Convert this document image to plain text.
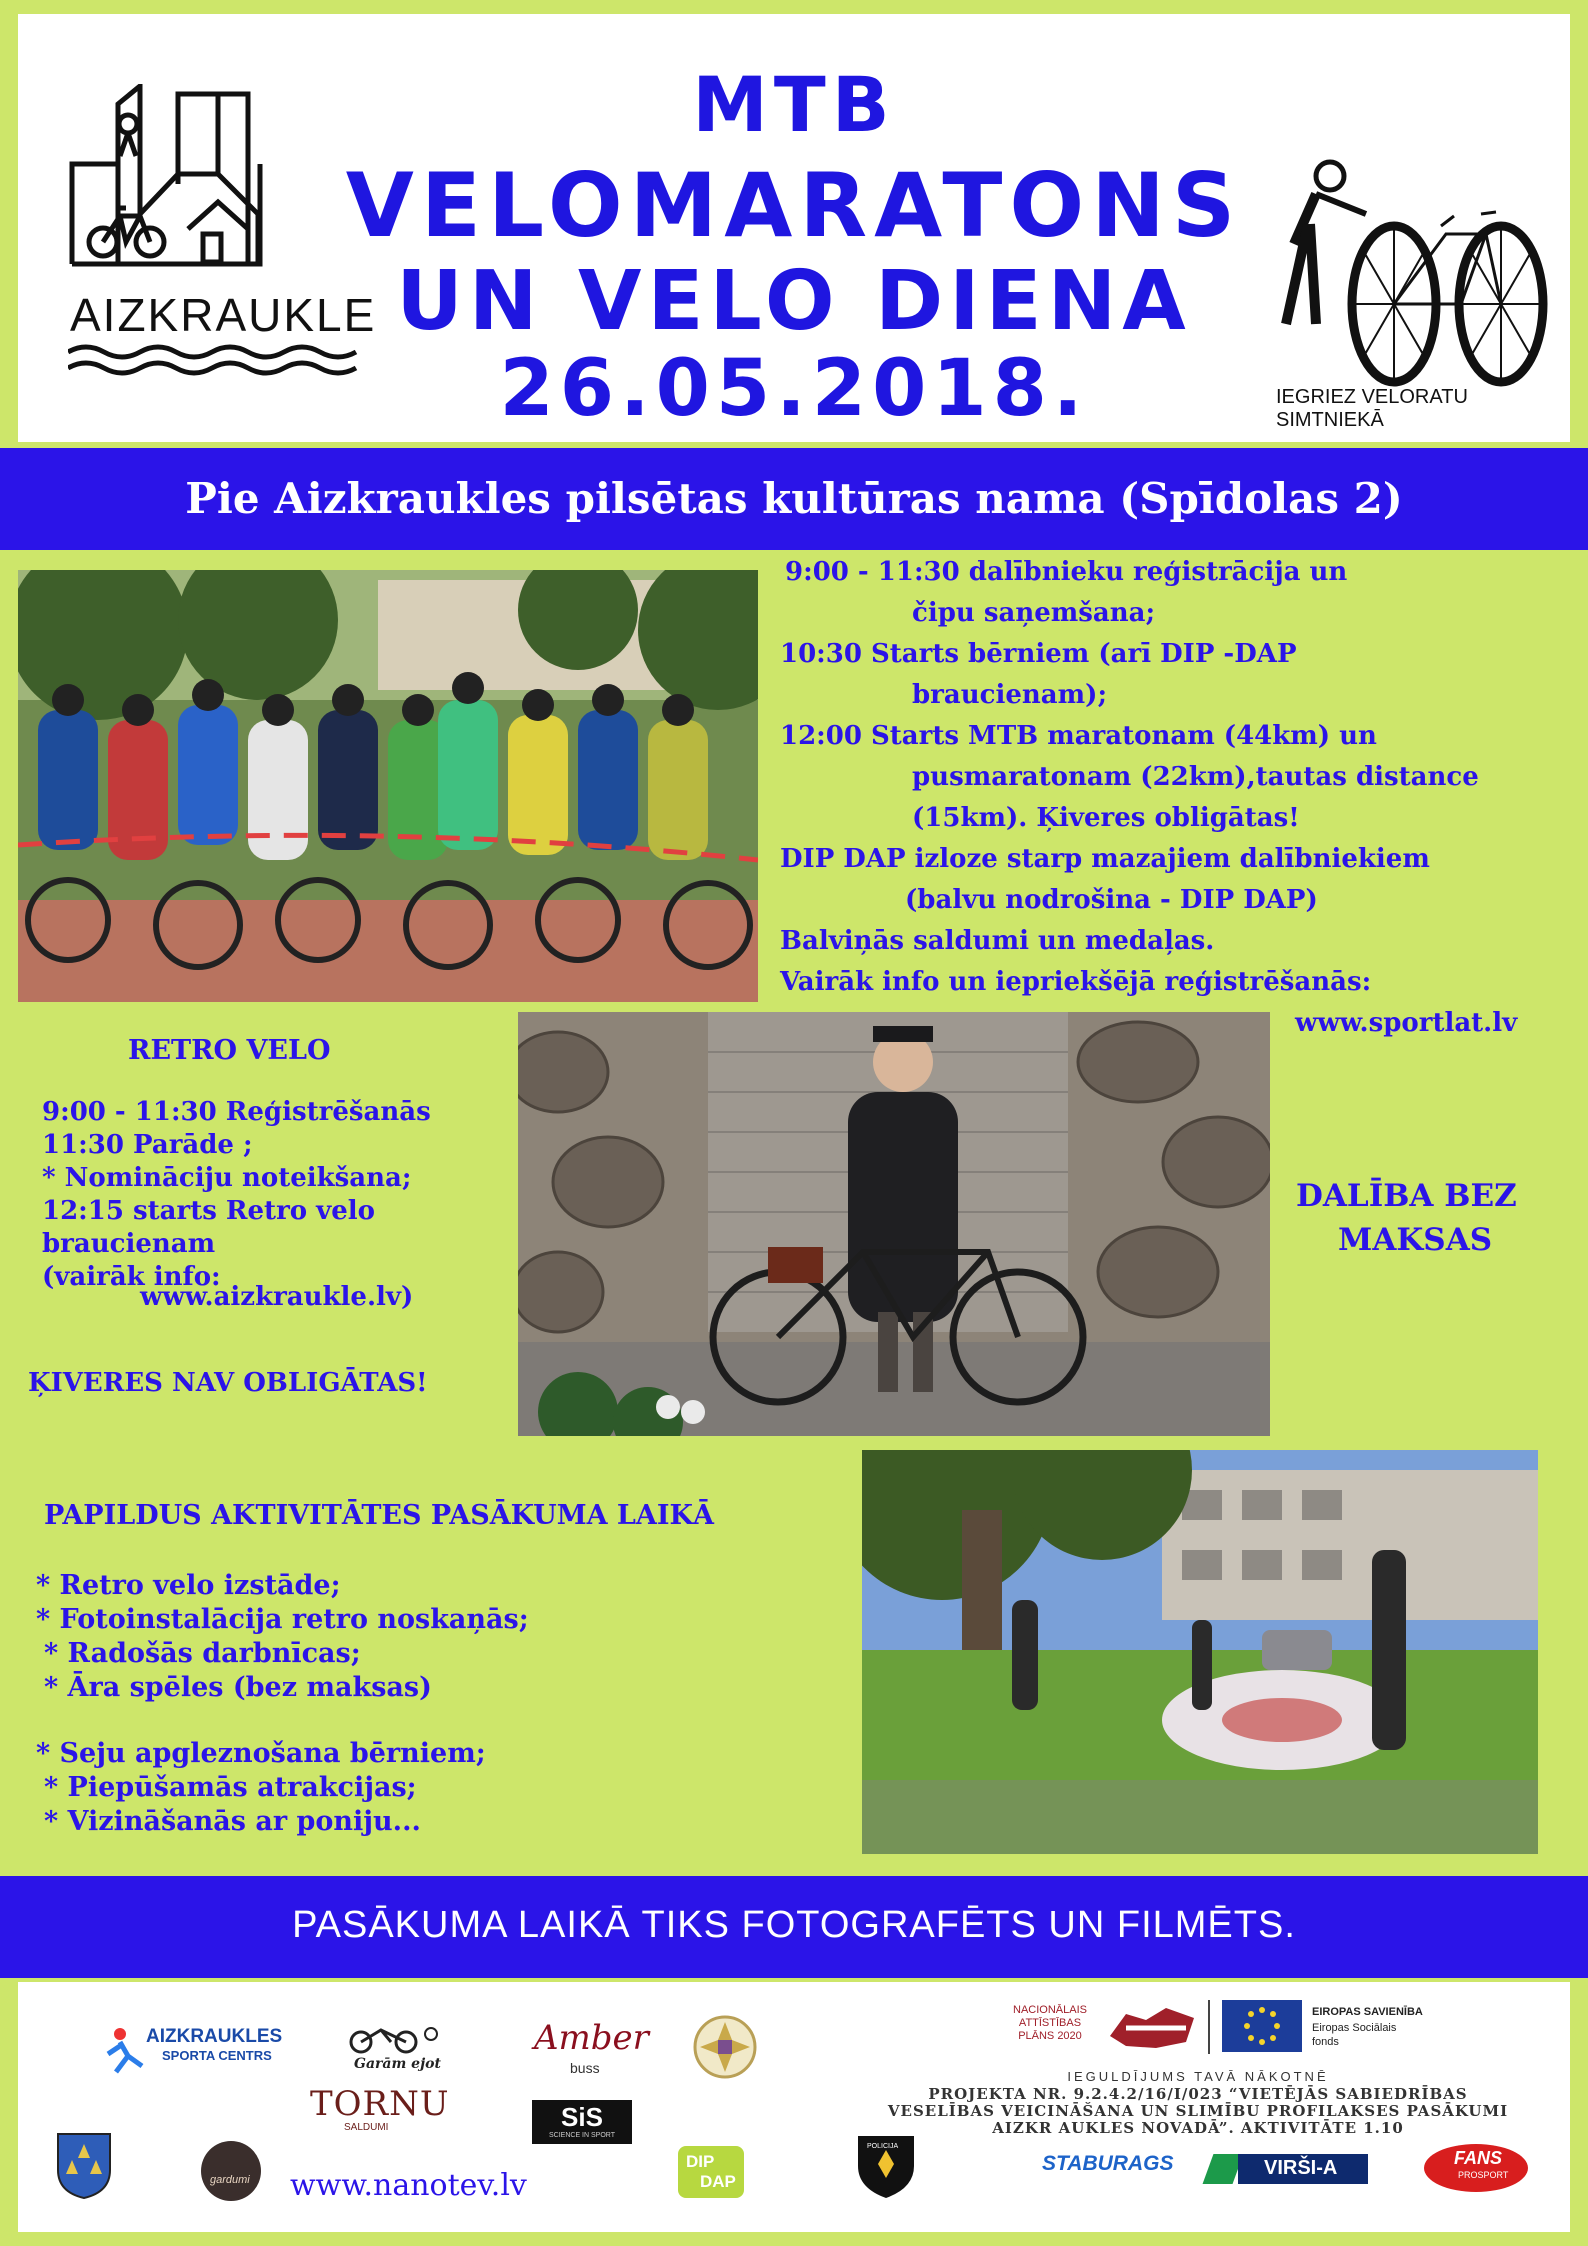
AIZKRAUKLE
MTB
VELOMARATONS
UN VELO DIENA
26.05.2018.	IEGRIEZ VELORATU SIMTNIEKĀ
Pie Aizkraukles pilsētas kultūras nama (Spīdolas 2)
9:00 - 11:30 dalībnieku reģistrācija un
čipu saņemšana;
10:30 Starts bērniem (arī DIP -DAP
braucienam);
12:00 Starts MTB maratonam (44km) un
pusmaratonam (22km),tautas distance
(15km). Ķiveres obligātas!
DIP DAP izloze starp mazajiem dalībniekiem
(balvu nodrošina - DIP DAP)
Balviņās saldumi un medaļas.
Vairāk info un iepriekšējā reģistrēšanās:
www.sportlat.lv
RETRO VELO
9:00 - 11:30 Reģistrēšanās
11:30 Parāde ;
* Nomināciju noteikšana;
12:15 starts Retro velo
braucienam
(vairāk info:
www.aizkraukle.lv)
ĶIVERES NAV OBLIGĀTAS!
DALĪBA BEZ
MAKSAS
PAPILDUS AKTIVITĀTES PASĀKUMA LAIKĀ
* Retro velo izstāde;
* Fotoinstalācija retro noskaņās;
* Radošās darbnīcas;
* Āra spēles (bez maksas)
* Seju apgleznošana bērniem;
* Piepūšamās atrakcijas;
* Vizināšanās ar poniju...
PASĀKUMA LAIKĀ TIKS FOTOGRAFĒTS UN FILMĒTS.
AIZKRAUKLES
SPORTA CENTRS
Garām ejot
Amber
buss
NACIONĀLAIS
ATTĪSTĪBAS
PLĀNS 2020
EIROPAS SAVIENĪBA
Eiropas Sociālais
fonds
IEGULDĪJUMS TAVĀ NĀKOTNĒ
PROJEKTA NR. 9.2.4.2/16/I/023 “VIETĒJĀS SABIEDRĪBAS
VESELĪBAS VEICINĀŠANA UN SLIMĪBU PROFILAKSES PASĀKUMI
AIZKR AUKLES NOVADĀ”. AKTIVITĀTE 1.10
gardumi
TORNU
SALDUMI	SiS
SCIENCE IN SPORT
www.nanotev.lv
DIP
DAP
POLICIJA
STABURAGS	VIRŠI-A	FANS
PROSPORT
